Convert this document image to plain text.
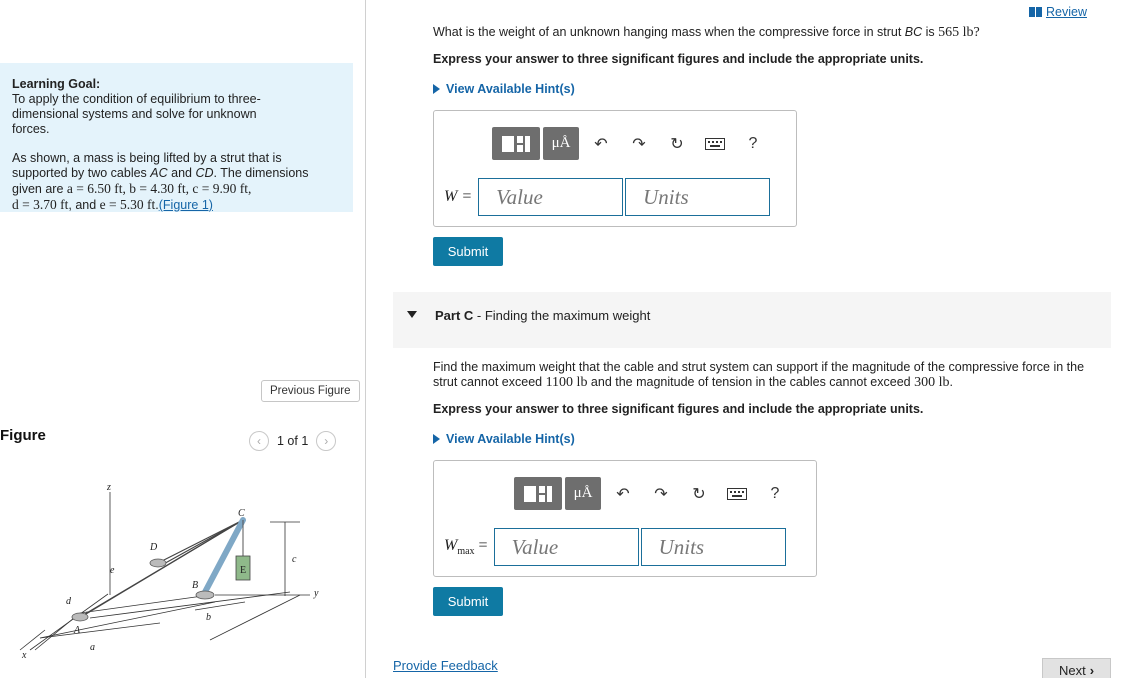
Learning Goal:

To apply the condition of equilibrium to three-dimensional systems and solve for unknown forces.

As shown, a mass is being lifted by a strut that is supported by two cables AC and CD. The dimensions given are a = 6.50 ft, b = 4.30 ft, c = 9.90 ft,
d = 3.70 ft, and e = 5.30 ft.(Figure 1)

Previous Figure
Figure	‹	1 of 1	›
z
C
D
e	E
B
c
y
d
A
b
a
x
Review
What is the weight of an unknown hanging mass when the compressive force in strut BC is 565 lb?
Express your answer to three significant figures and include the appropriate units.
View Available Hint(s)
μÅ	↶	↷	↻	?
W =	Value	Units
Submit
Part C - Finding the maximum weight
Find the maximum weight that the cable and strut system can support if the magnitude of the compressive force in the
strut cannot exceed 1100 lb and the magnitude of tension in the cables cannot exceed 300 lb.
Express your answer to three significant figures and include the appropriate units.
View Available Hint(s)
μÅ	↶	↷	↻	?
$W_{max}$ =	Value	Units
Submit
Provide Feedback	Next ›
